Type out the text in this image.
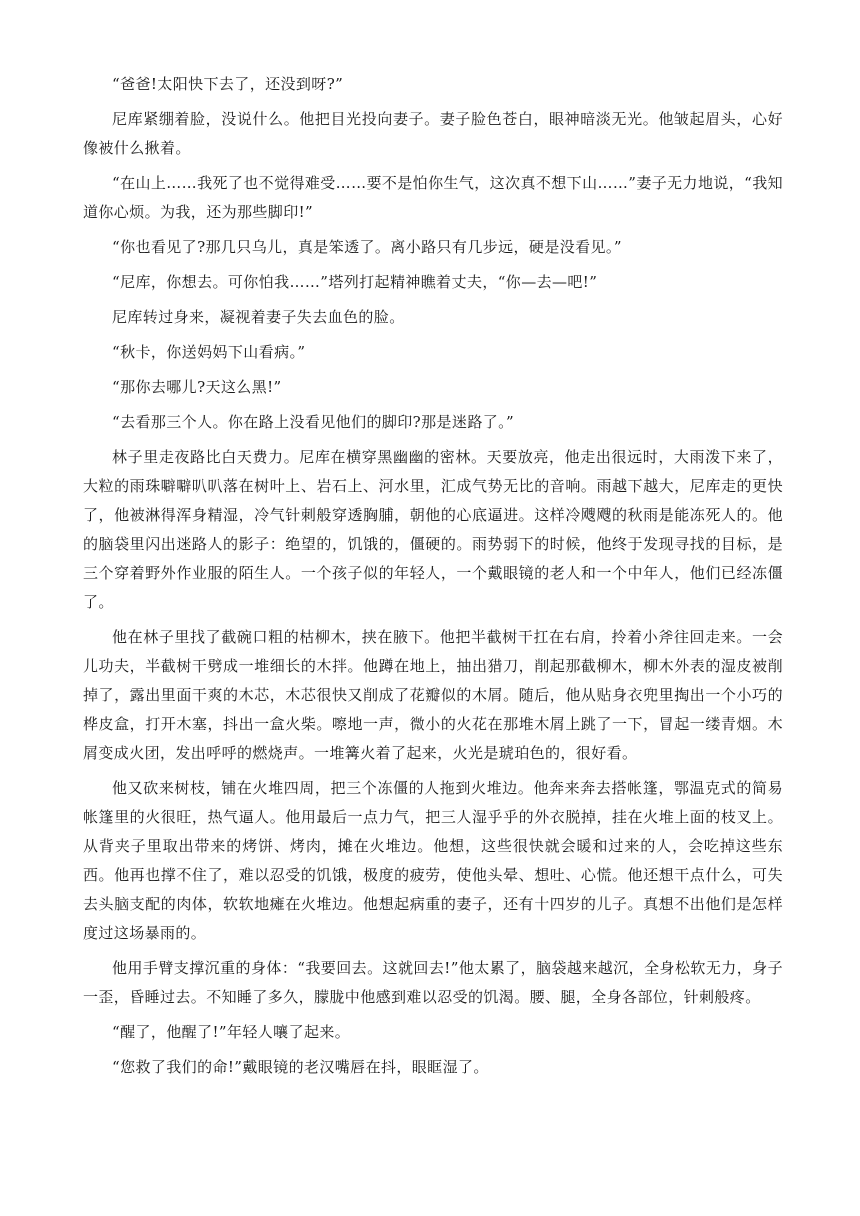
“爸爸!太阳快下去了，还没到呀?”

尼库紧绷着脸，没说什么。他把目光投向妻子。妻子脸色苍白，眼神暗淡无光。他皱起眉头，心好像被什么揪着。

“在山上……我死了也不觉得难受……要不是怕你生气，这次真不想下山……”妻子无力地说，“我知道你心烦。为我，还为那些脚印!”

“你也看见了?那几只乌儿，真是笨透了。离小路只有几步远，硬是没看见。”

“尼库，你想去。可你怕我……”塔列打起精神瞧着丈夫，“你—去—吧!”

尼库转过身来，凝视着妻子失去血色的脸。

“秋卡，你送妈妈下山看病。”

“那你去哪儿?天这么黑!”

“去看那三个人。你在路上没看见他们的脚印?那是迷路了。”

林子里走夜路比白天费力。尼库在横穿黑幽幽的密林。天要放亮，他走出很远时，大雨泼下来了，大粒的雨珠噼噼叭叭落在树叶上、岩石上、河水里，汇成气势无比的音响。雨越下越大，尼库走的更快了，他被淋得浑身精湿，冷气针刺般穿透胸脯，朝他的心底逼进。这样冷飕飕的秋雨是能冻死人的。他的脑袋里闪出迷路人的影子：绝望的，饥饿的，僵硬的。雨势弱下的时候，他终于发现寻找的目标，是三个穿着野外作业服的陌生人。一个孩子似的年轻人，一个戴眼镜的老人和一个中年人，他们已经冻僵了。

他在林子里找了截碗口粗的枯柳木，挟在腋下。他把半截树干扛在右肩，拎着小斧往回走来。一会儿功夫，半截树干劈成一堆细长的木拌。他蹲在地上，抽出猎刀，削起那截柳木，柳木外表的湿皮被削掉了，露出里面干爽的木芯，木芯很快又削成了花瓣似的木屑。随后，他从贴身衣兜里掏出一个小巧的桦皮盒，打开木塞，抖出一盒火柴。嚓地一声，微小的火花在那堆木屑上跳了一下，冒起一缕青烟。木屑变成火团，发出呼呼的燃烧声。一堆篝火着了起来，火光是琥珀色的，很好看。

他又砍来树枝，铺在火堆四周，把三个冻僵的人拖到火堆边。他奔来奔去搭帐篷，鄂温克式的简易帐篷里的火很旺，热气逼人。他用最后一点力气，把三人湿乎乎的外衣脱掉，挂在火堆上面的枝叉上。从背夹子里取出带来的烤饼、烤肉，摊在火堆边。他想，这些很快就会暖和过来的人，会吃掉这些东西。他再也撑不住了，难以忍受的饥饿，极度的疲劳，使他头晕、想吐、心慌。他还想干点什么，可失去头脑支配的肉体，软软地瘫在火堆边。他想起病重的妻子，还有十四岁的儿子。真想不出他们是怎样度过这场暴雨的。

他用手臂支撑沉重的身体：“我要回去。这就回去!”他太累了，脑袋越来越沉，全身松软无力，身子一歪，昏睡过去。不知睡了多久，朦胧中他感到难以忍受的饥渴。腰、腿，全身各部位，针刺般疼。

“醒了，他醒了!”年轻人嚷了起来。

“您救了我们的命!”戴眼镜的老汉嘴唇在抖，眼眶湿了。
